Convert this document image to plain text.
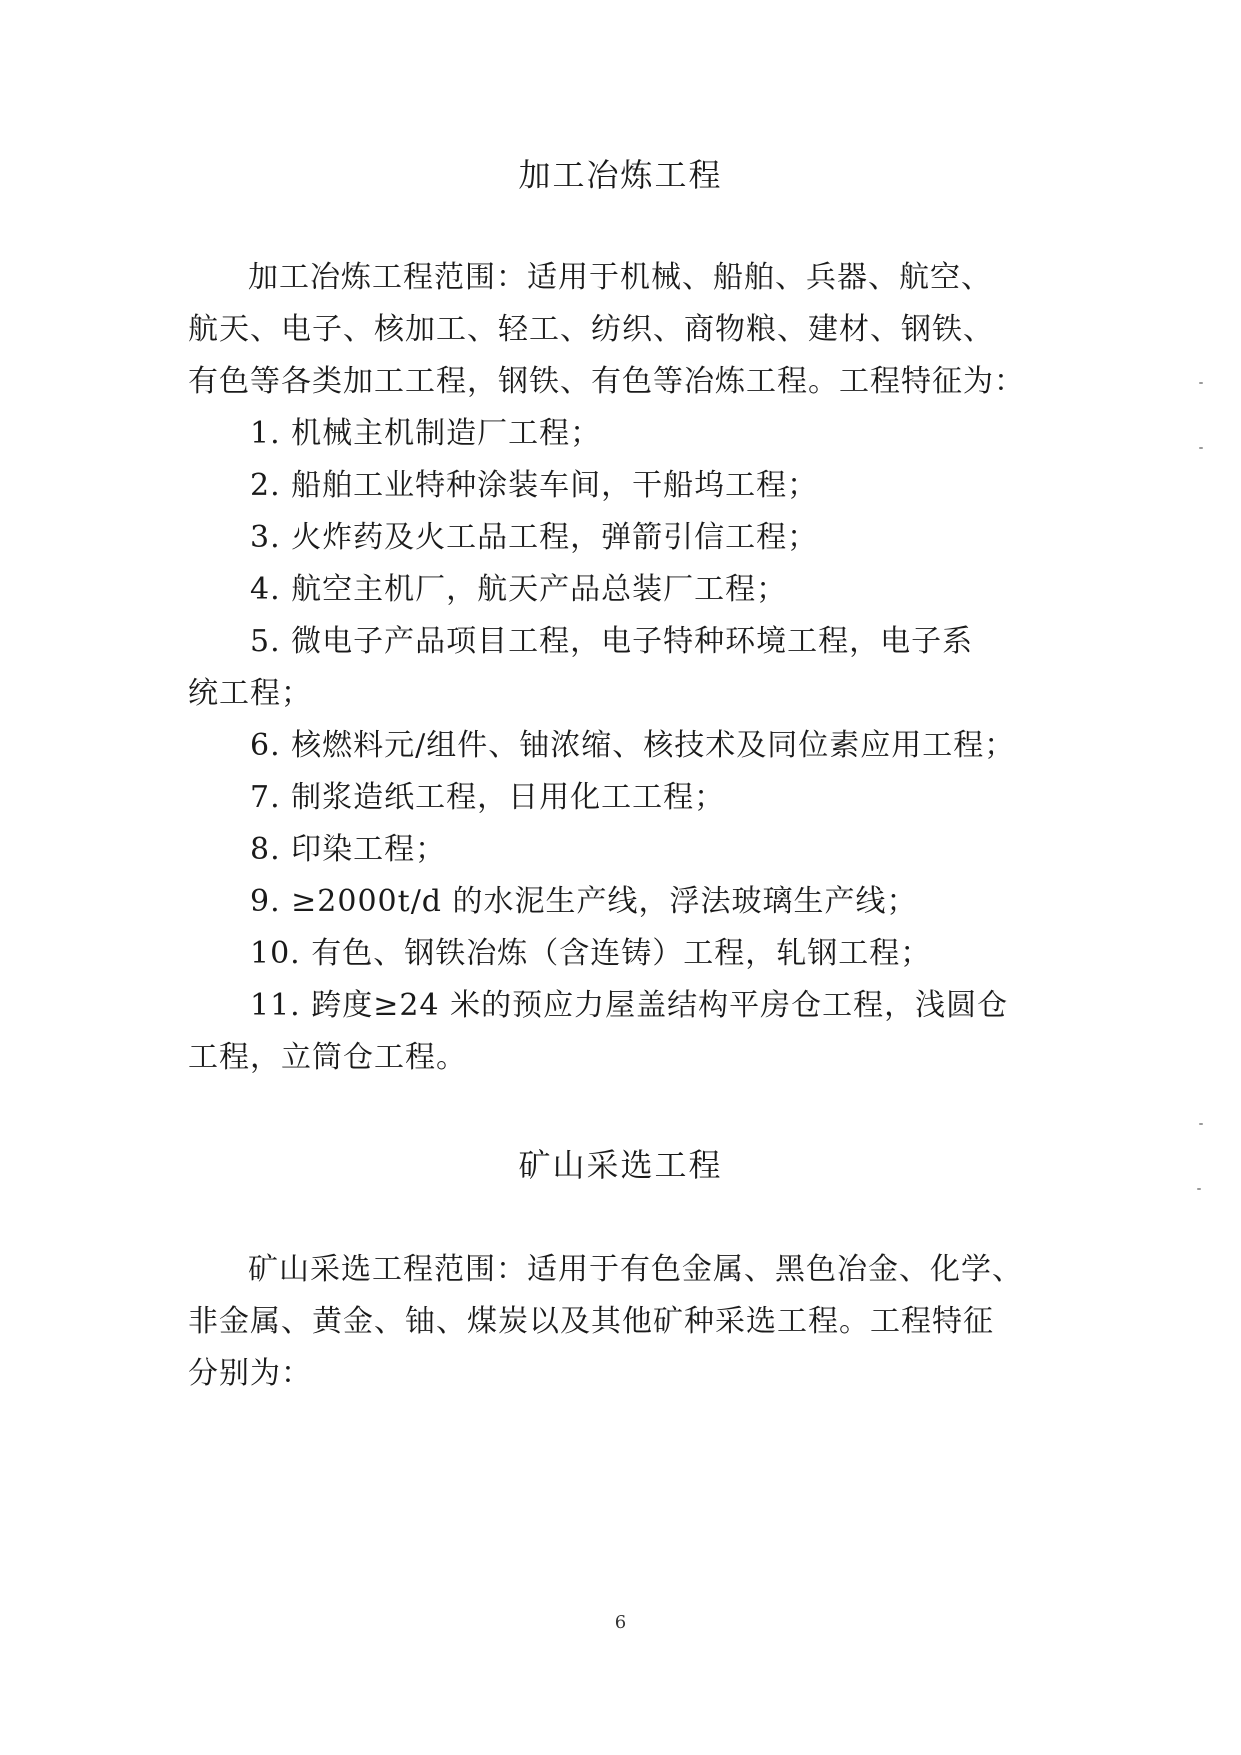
加工冶炼工程
加工冶炼工程范围：适用于机械、船舶、兵器、航空、
航天、电子、核加工、轻工、纺织、商物粮、建材、钢铁、
有色等各类加工工程，钢铁、有色等冶炼工程。工程特征为：
1. 机械主机制造厂工程；
2. 船舶工业特种涂装车间，干船坞工程；
3. 火炸药及火工品工程，弹箭引信工程；
4. 航空主机厂，航天产品总装厂工程；
5. 微电子产品项目工程，电子特种环境工程，电子系
统工程；
6. 核燃料元/组件、铀浓缩、核技术及同位素应用工程；
7. 制浆造纸工程，日用化工工程；
8. 印染工程；
9. ≥2000t/d 的水泥生产线，浮法玻璃生产线；
10. 有色、钢铁冶炼（含连铸）工程，轧钢工程；
11. 跨度≥24 米的预应力屋盖结构平房仓工程，浅圆仓
工程，立筒仓工程。
矿山采选工程
矿山采选工程范围：适用于有色金属、黑色冶金、化学、
非金属、黄金、铀、煤炭以及其他矿种采选工程。工程特征
分别为：
6
